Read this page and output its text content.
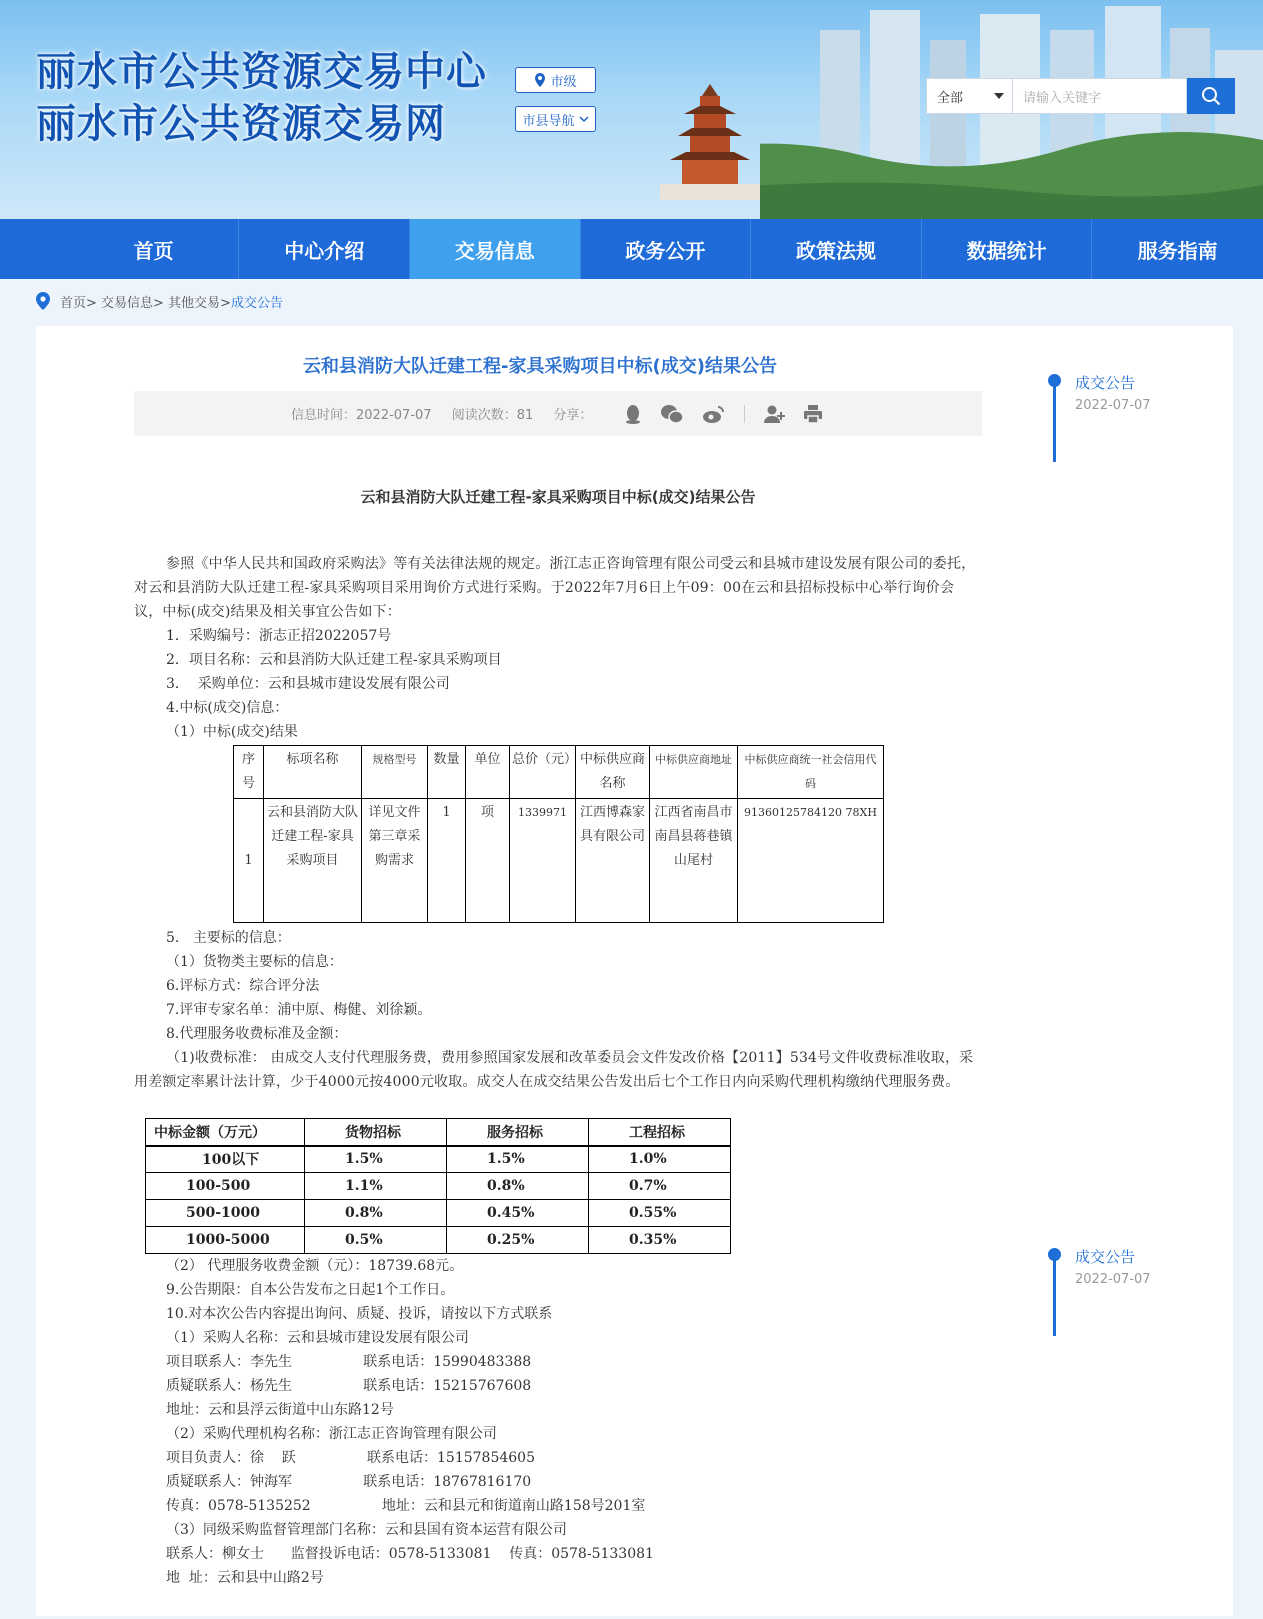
丽水市公共资源交易中心
丽水市公共资源交易网
市级
市县导航
全部	请输入关键字
首页	中心介绍	交易信息	政务公开	政策法规	数据统计	服务指南
首页> 交易信息> 其他交易> 成交公告
云和县消防大队迁建工程-家具采购项目中标(成交)结果公告
信息时间：2022-07-07 阅读次数：81 分享：
云和县消防大队迁建工程-家具采购项目中标(成交)结果公告
参照《中华人民共和国政府采购法》等有关法律法规的规定。浙江志正咨询管理有限公司受云和县城市建设发展有限公司的委托，对云和县消防大队迁建工程-家具采购项目采用询价方式进行采购。于2022年7月6日上午09：00在云和县招标投标中心举行询价会议，中标(成交)结果及相关事宜公告如下：
1．采购编号：浙志正招2022057号
2．项目名称：云和县消防大队迁建工程-家具采购项目
3．  采购单位：云和县城市建设发展有限公司
4.中标(成交)信息：
（1）中标(成交)结果
序号	标项名称	规格型号	数量	单位	总价（元）	中标供应商名称	中标供应商地址	中标供应商统一社会信用代码
1	云和县消防大队迁建工程-家具采购项目	详见文件第三章采购需求	1	项	1339971	江西博森家具有限公司	江西省南昌市南昌县蒋巷镇山尾村	91360125784120 78XH
5.   主要标的信息：
（1）货物类主要标的信息：
6.评标方式：综合评分法
7.评审专家名单：浦中原、梅健、刘徐颖。
8.代理服务收费标准及金额：
（1)收费标准： 由成交人支付代理服务费，费用参照国家发展和改革委员会文件发改价格【2011】534号文件收费标准收取，采用差额定率累计法计算，少于4000元按4000元收取。成交人在成交结果公告发出后七个工作日内向采购代理机构缴纳代理服务费。
中标金额（万元）	货物招标	服务招标	工程招标
100以下	1.5%	1.5%	1.0%
100-500	1.1%	0.8%	0.7%
500-1000	0.8%	0.45%	0.55%
1000-5000	0.5%	0.25%	0.35%
（2） 代理服务收费金额（元）：18739.68元。
9.公告期限：自本公告发布之日起1个工作日。
10.对本次公告内容提出询问、质疑、投诉，请按以下方式联系
（1）采购人名称：云和县城市建设发展有限公司
项目联系人：李先生                联系电话：15990483388
质疑联系人：杨先生                联系电话：15215767608
地址：云和县浮云街道中山东路12号
（2）采购代理机构名称：浙江志正咨询管理有限公司
项目负责人：徐    跃                联系电话：15157854605
质疑联系人：钟海军                联系电话：18767816170
传真：0578-5135252                地址：云和县元和街道南山路158号201室
（3）同级采购监督管理部门名称：云和县国有资本运营有限公司
联系人：柳女士      监督投诉电话：0578-5133081    传真：0578-5133081
地  址：云和县中山路2号
成交公告
2022-07-07
成交公告
2022-07-07
